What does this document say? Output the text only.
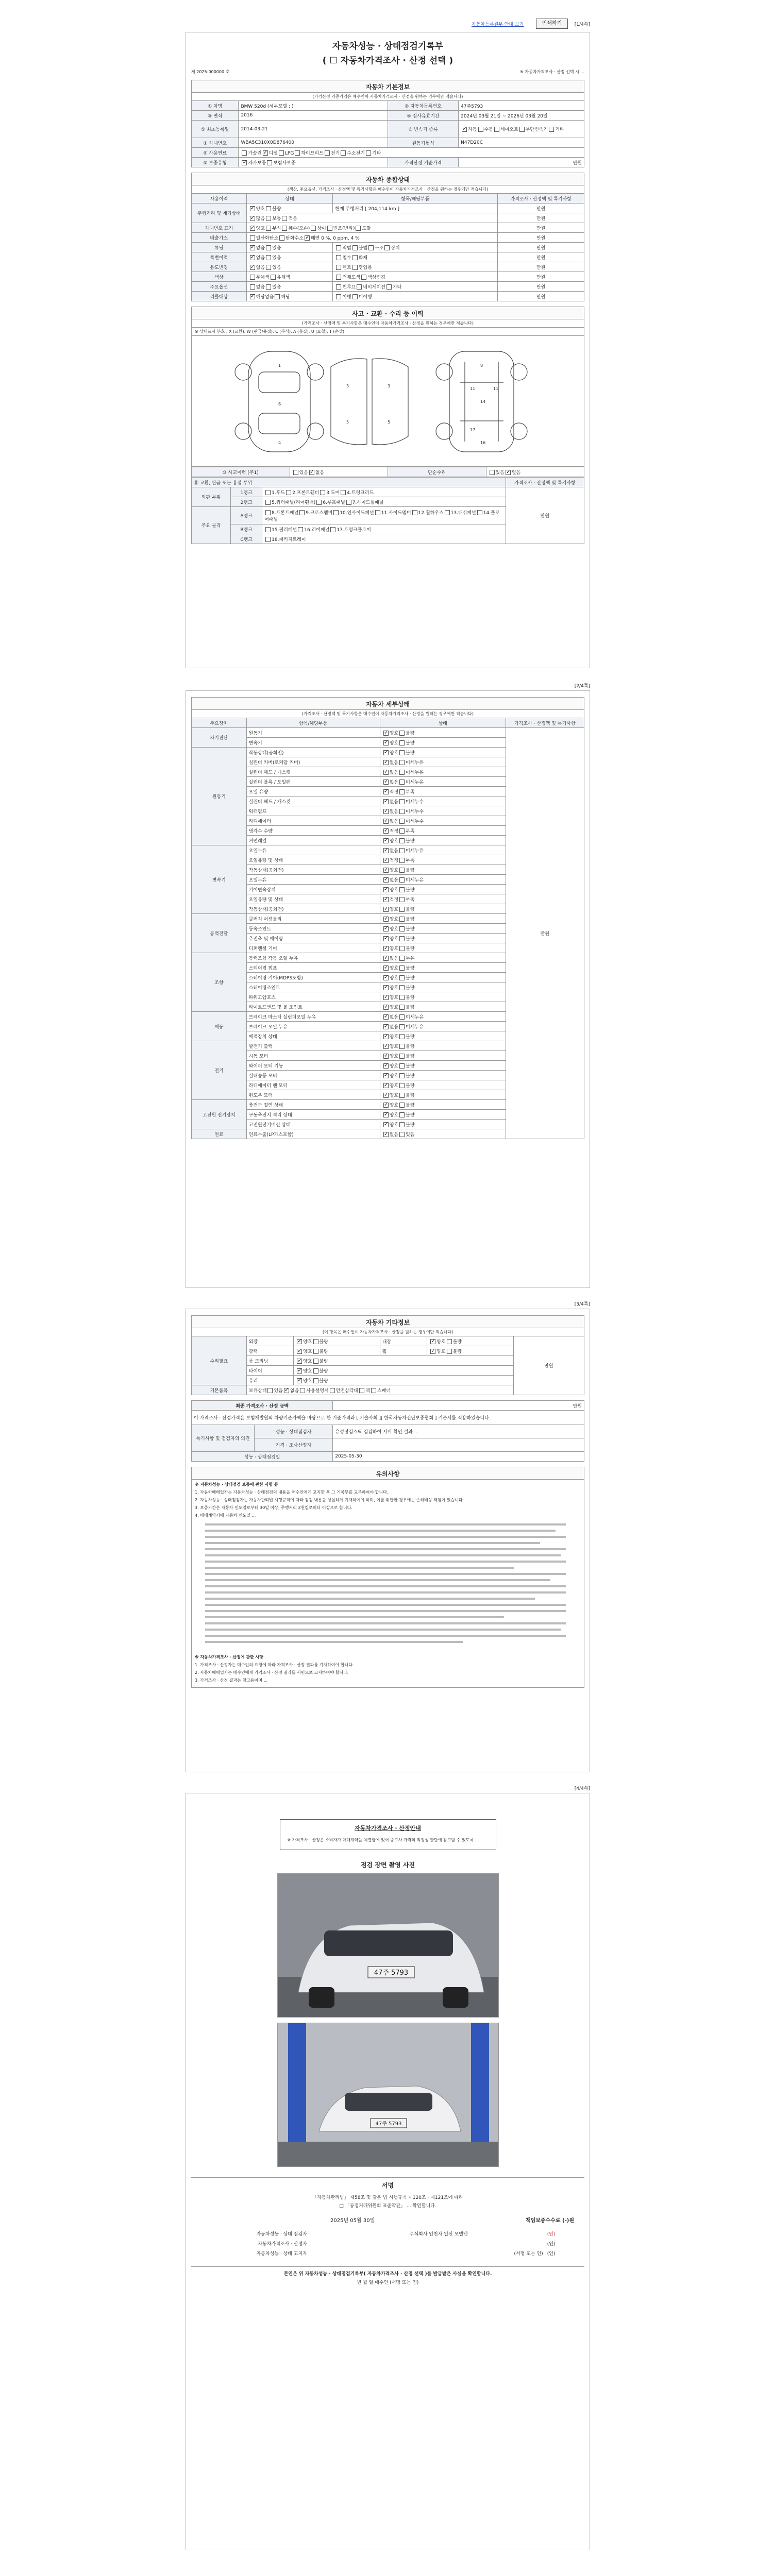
자동차등록원부 안내 보기	인쇄하기	[1/4쪽]
자동차성능 · 상태점검기록부
( ☐ 자동차가격조사 · 산정 선택 )
제 2025-000000 호	※ 자동차가격조사 · 산정 선택 시 ...
자동차 기본정보
(가격산정 기준가격은 매수인이 자동차가격조사 · 산정을 원하는 경우에만 적습니다)
① 차명	BMW 520d (세부모델 : )	② 자동차등록번호	47주5793
③ 연식	2016	④ 검사유효기간	2024년 03월 21일 ~ 2026년 03월 20일
⑤ 최초등록일	2014-03-21	⑥ 변속기 종류	✓자동 수동 세미오토 무단변속기 기타
⑦ 차대번호	WBA5C310X0D876400	원동기형식	N47D20C
⑧ 사용연료	가솔린 ✓ 디젤 LPG 하이브리드 전기 수소전기 기타
⑨ 보증유형	✓자가보증 보험사보증	가격산정 기준가격	만원
자동차 종합상태
(색상, 주요옵션, 가격조사 · 산정액 및 특기사항은 매수인이 자동차가격조사 · 산정을 원하는 경우에만 적습니다)
사용이력	상태	항목/해당부품	가격조사 · 산정액 및 특기사항
주행거리 및 계기상태	✓양호 불량	현재 주행거리 [ 204,114 km ]	만원
✓많음 보통 적음		만원
차대번호 표기	✓양호 부식 훼손(오손) 상이 변조(변타) 도말		만원
배출가스	일산화탄소 탄화수소 ✓ 매연 0 %, 0 ppm, 4 %		만원
튜닝	✓없음 있음	적법 불법 구조 장치	만원
특별이력	✓없음 있음	침수 화재	만원
용도변경	✓없음 있음	렌트 영업용	만원
색상	무채색 유채색	전체도색 색상변경	만원
주요옵션	없음 있음	썬루프 네비게이션 기타	만원
리콜대상	✓해당없음 해당	이행 미이행	만원
사고 · 교환 · 수리 등 이력
(가격조사 · 산정액 및 특기사항은 매수인이 자동차가격조사 · 산정을 원하는 경우에만 적습니다)
※ 상태표시 부호 : X (교환), W (판금/용접), C (부식), A (흠집), U (요철), T (손상)
1
6
4
3
5
3
5
8
14
16
11	11
17
⑩ 사고이력 (주1)	있음 ✓ 없음	단순수리	있음 ✓ 없음
⑪ 교환, 판금 또는 용접 부위			가격조사 · 산정액 및 특기사항
외판 부위	1랭크	1.후드 2.프론트휀더 3.도어 4.트렁크리드	만원
	2랭크	5.쿼터패널(리어휀더) 6.루프패널 7.사이드실패널	
주요 골격	A랭크	8.프론트패널 9.크로스멤버 10.인사이드패널 11.사이드멤버 12.휠하우스 13.대쉬패널 14.플로어패널	
	B랭크	15.필러패널 16.리어패널 17.트렁크플로어	
	C랭크	18.패키지트레이	
[2/4쪽]
자동차 세부상태
(가격조사 · 산정액 및 특기사항은 매수인이 자동차가격조사 · 산정을 원하는 경우에만 적습니다)
주요장치	항목/해당부품	상태	가격조사 · 산정액 및 특기사항
자기진단	원동기	✓양호 불량	만원
	변속기	✓양호 불량
원동기	작동상태(공회전)	✓양호 불량
	실린더 커버(로커암 커버)	✓없음 미세누유
	실린더 헤드 / 개스킷	✓없음 미세누유
	실린더 블록 / 오일팬	✓없음 미세누유
	오일 유량	✓적정 부족
	실린더 헤드 / 개스킷	✓없음 미세누수
	워터펌프	✓없음 미세누수
	라디에이터	✓없음 미세누수
	냉각수 수량	✓적정 부족
	커먼레일	✓양호 불량
변속기	오일누유	✓없음 미세누유
	오일유량 및 상태	✓적정 부족
	작동상태(공회전)	✓양호 불량
	오일누유	✓없음 미세누유
	기어변속장치	✓양호 불량
	오일유량 및 상태	✓적정 부족
	작동상태(공회전)	✓양호 불량
동력전달	클러치 어셈블리	✓양호 불량
	등속조인트	✓양호 불량
	추진축 및 베어링	✓양호 불량
	디퍼렌셜 기어	✓양호 불량
조향	동력조향 작동 오일 누유	✓없음 누유
	스티어링 펌프	✓양호 불량
	스티어링 기어(MDPS포함)	✓양호 불량
	스티어링조인트	✓양호 불량
	파워고압호스	✓양호 불량
	타이로드엔드 및 볼 조인트	✓양호 불량
제동	브레이크 마스터 실린더오일 누유	✓없음 미세누유
	브레이크 오일 누유	✓없음 미세누유
	배력장치 상태	✓양호 불량
전기	발전기 출력	✓양호 불량
	시동 모터	✓양호 불량
	와이퍼 모터 기능	✓양호 불량
	실내송풍 모터	✓양호 불량
	라디에이터 팬 모터	✓양호 불량
	윈도우 모터	✓양호 불량
고전원 전기장치	충전구 절연 상태	✓양호 불량
	구동축전지 격리 상태	✓양호 불량
	고전원전기배선 상태	✓양호 불량
연료	연료누출(LP가스포함)	✓없음 있음
[3/4쪽]
자동차 기타정보
(이 항목은 매수인이 자동차가격조사 · 산정을 원하는 경우에만 적습니다)
수리필요	외장	✓양호 불량	내장	✓양호 불량	만원
	광택	✓양호 불량	휠	✓양호 불량
	룸 크리닝	✓양호 불량
	타이어	✓양호 불량
	유리	✓양호 불량
기본품목	보유상태 있음 ✓ 없음 사용설명서 안전삼각대 잭 스패너
최종 가격조사 · 산정 금액		만원
이 가격조사 · 산정가격은 보험개발원의 차량기준가액을 바탕으로 한 기준가격과 [ 기술사회 ][ 한국자동차진단보증협회 ] 기준서를 적용하였습니다.		
특기사항 및 점검자의 의견	성능 · 상태점검자	유성정검스틱 검검하여 시비 확인 결과 ...
	가격 · 조사산정자	
성능 · 상태점검일		2025-05-30
유의사항

※ 자동차성능 · 상태점검 보증에 관한 사항 등

1. 자동차매매업자는 자동차성능 · 상태점검의 내용을 매수인에게 고지한 후 그 기록부를 교부하여야 합니다.

2. 자동차성능 · 상태점검자는 자동차관리법 시행규칙에 따라 점검 내용을 성실하게 기재하여야 하며, 이를 위반한 경우에는 손해배상 책임이 있습니다.

3. 보증기간은 자동차 인도일로부터 30일 이상, 주행거리 2천킬로미터 이상으로 합니다.

4. 매매계약서에 자동차 인도일 ...

※ 자동차가격조사 · 산정에 관한 사항

1. 가격조사 · 산정자는 매수인의 요청에 따라 가격조사 · 산정 결과를 기재하여야 합니다.

2. 자동차매매업자는 매수인에게 가격조사 · 산정 결과를 서면으로 고지하여야 합니다.

3. 가격조사 · 산정 결과는 참고용이며 ...

[4/4쪽]
자동차가격조사 · 산정안내
※ 가격조사 · 산정은 소비자가 매매계약을 체결함에 있어 중고차 가격의 적정성 판단에 참고할 수 있도록 ...
점검 장면 촬영 사진
47주 5793
47주 5793
서명
「자동차관리법」 제58조 및 같은 법 시행규칙 제120조 · 제121조에 따라
□ 「공정거래위원회 표준약관」 ... 확인합니다.
2025년 05월 30일	책임보증수수료 (-)원
자동차성능 · 상태 점검자		주식회사 인천자 일신 모델엔	(인)
자동차가격조사 · 산정자			(인)
자동차성능 · 상태 고지자		(서명 또는 인)	(인)
본인은 위 자동차성능 · 상태점검기록부( 자동차가격조사 · 산정 선택 )를 발급받은 사실을 확인합니다.
년 월 일 매수인 (서명 또는 인)
